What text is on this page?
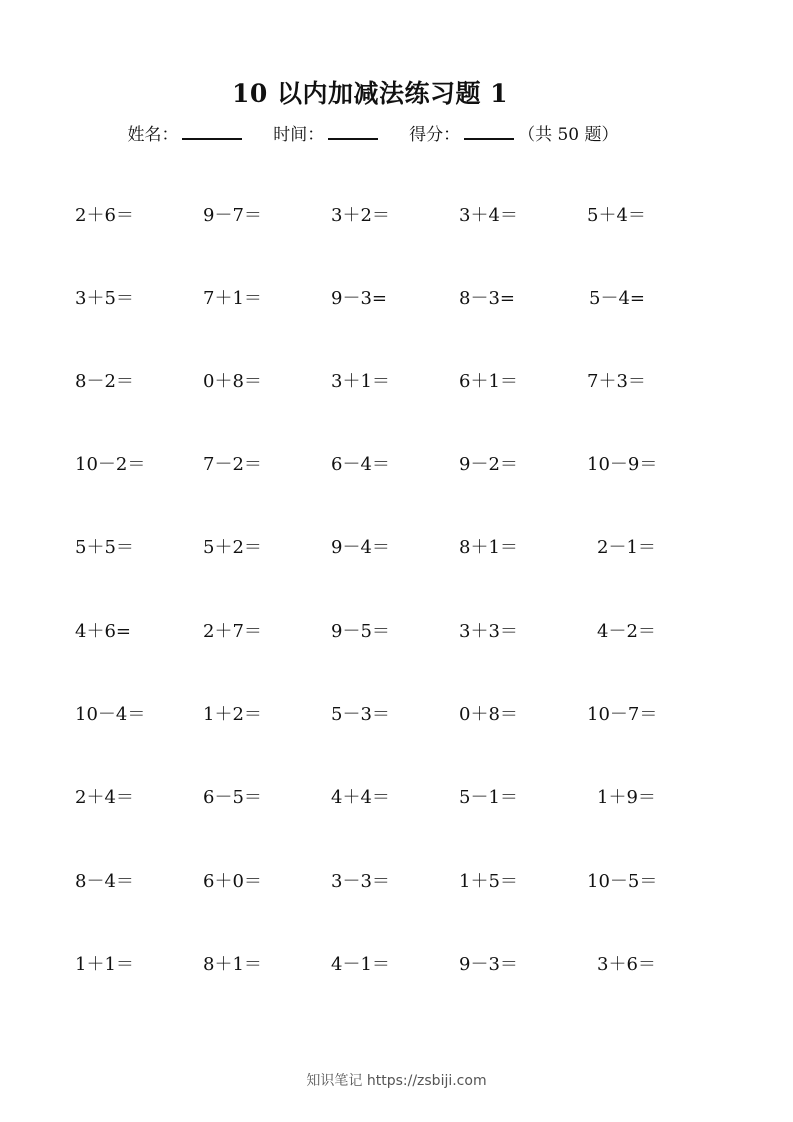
10 以内加减法练习题 1
姓名：	时间：	得分：	（共 50 题）
2＋6＝	9－7＝	3＋2＝	3＋4＝	5＋4＝
3＋5＝	7＋1＝	9－3=	8－3=	5－4=
8－2＝	0＋8＝	3＋1＝	6＋1＝	7＋3＝
10－2＝	7－2＝	6－4＝	9－2＝	10－9＝
5＋5＝	5＋2＝	9－4＝	8＋1＝	2－1＝
4＋6=	2＋7＝	9－5＝	3＋3＝	4－2＝
10－4＝	1＋2＝	5－3＝	0＋8＝	10－7＝
2＋4＝	6－5＝	4＋4＝	5－1＝	1＋9＝
8－4＝	6＋0＝	3－3＝	1＋5＝	10－5＝
1＋1＝	8＋1＝	4－1＝	9－3＝	3＋6＝
知识笔记 https://zsbiji.com
